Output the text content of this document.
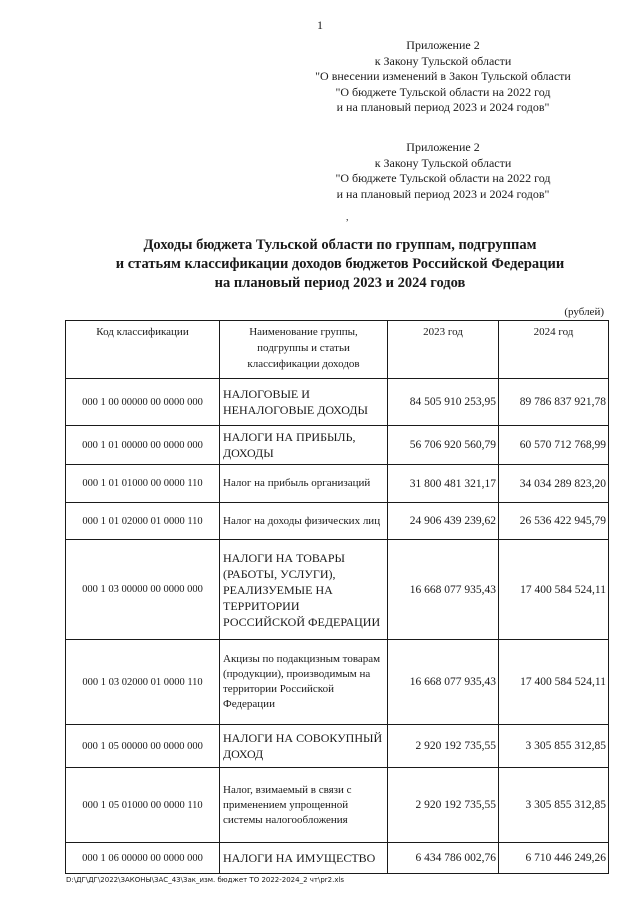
1
Приложение 2
к Закону Тульской области
"О внесении изменений в Закон Тульской области
"О бюджете Тульской области на 2022 год
и на плановый период 2023 и 2024 годов"
Приложение 2
к Закону Тульской области
"О бюджете Тульской области на 2022 год
и на плановый период 2023 и 2024 годов"
,
Доходы бюджета Тульской области по группам, подгруппам
и статьям классификации доходов бюджетов Российской Федерации
на плановый период 2023 и 2024 годов
(рублей)
Код классификации	Наименование группы, подгруппы и статьи классификации доходов	2023 год	2024 год
000 1 00 00000 00 0000 000	НАЛОГОВЫЕ И НЕНАЛОГОВЫЕ ДОХОДЫ	84 505 910 253,95	89 786 837 921,78
000 1 01 00000 00 0000 000	НАЛОГИ НА ПРИБЫЛЬ, ДОХОДЫ	56 706 920 560,79	60 570 712 768,99
000 1 01 01000 00 0000 110	Налог на прибыль организаций	31 800 481 321,17	34 034 289 823,20
000 1 01 02000 01 0000 110	Налог на доходы физических лиц	24 906 439 239,62	26 536 422 945,79
000 1 03 00000 00 0000 000	НАЛОГИ НА ТОВАРЫ (РАБОТЫ, УСЛУГИ), РЕАЛИЗУЕМЫЕ НА ТЕРРИТОРИИ РОССИЙСКОЙ ФЕДЕРАЦИИ	16 668 077 935,43	17 400 584 524,11
000 1 03 02000 01 0000 110	Акцизы по подакцизным товарам (продукции), производимым на территории Российской Федерации	16 668 077 935,43	17 400 584 524,11
000 1 05 00000 00 0000 000	НАЛОГИ НА СОВОКУПНЫЙ ДОХОД	2 920 192 735,55	3 305 855 312,85
000 1 05 01000 00 0000 110	Налог, взимаемый в связи с применением упрощенной системы налогообложения	2 920 192 735,55	3 305 855 312,85
000 1 06 00000 00 0000 000	НАЛОГИ НА ИМУЩЕСТВО	6 434 786 002,76	6 710 446 249,26
D:\ДГ\ДГ\2022\ЗАКОНЫ\ЗАС_43\Зак_изм. бюджет ТО 2022-2024_2 чт\pr2.xls
